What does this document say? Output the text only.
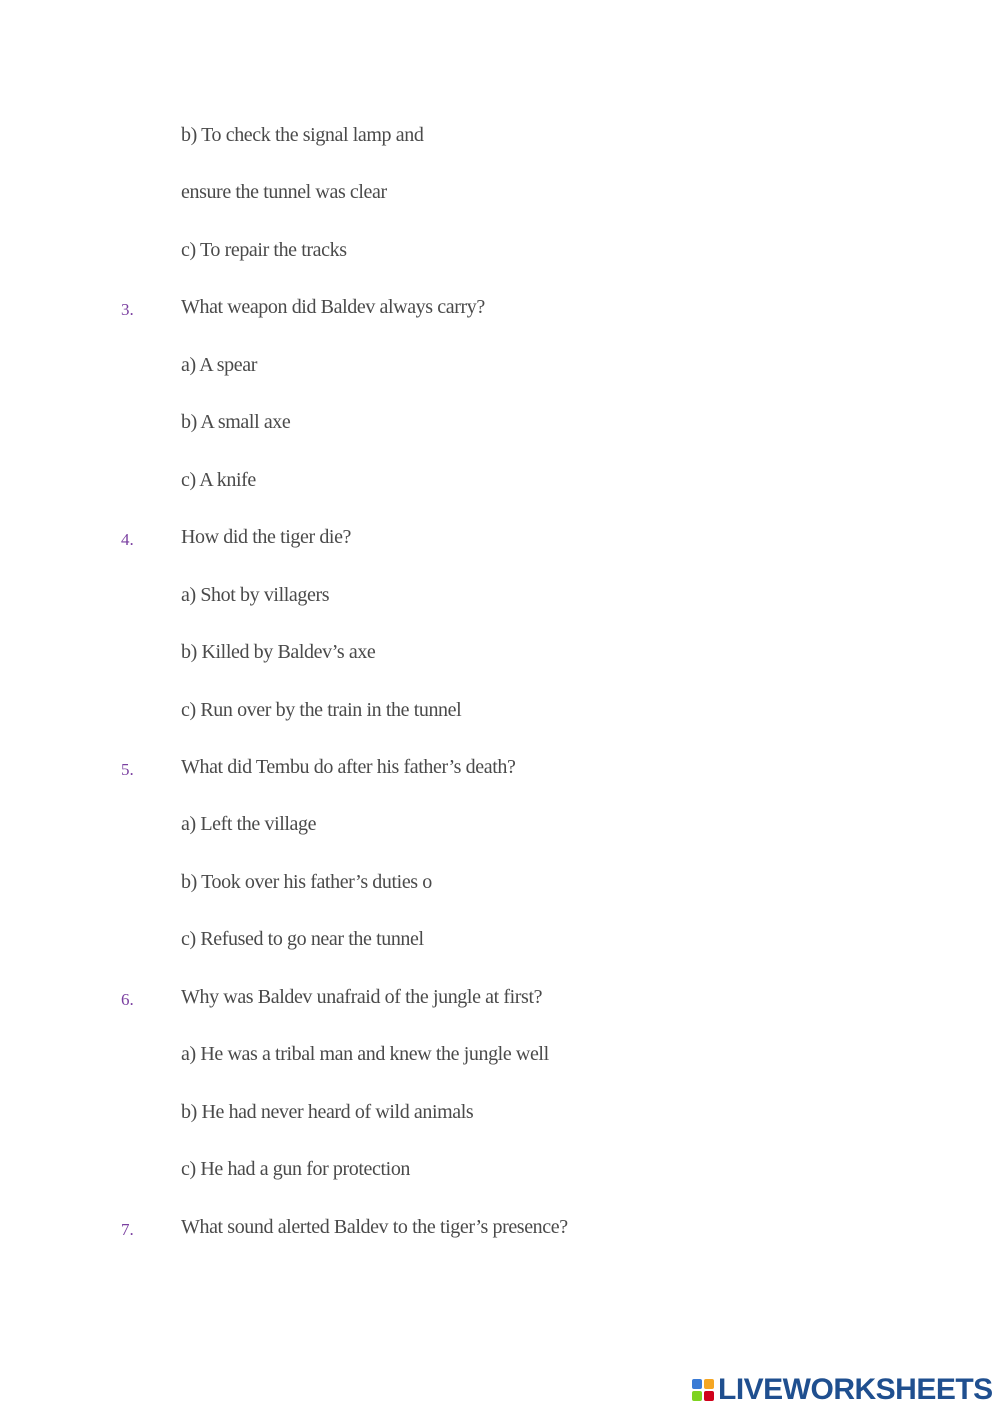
b) To check the signal lamp and
ensure the tunnel was clear
c) To repair the tracks
3. What weapon did Baldev always carry?
a) A spear
b) A small axe
c) A knife
4. How did the tiger die?
a) Shot by villagers
b) Killed by Baldev’s axe
c) Run over by the train in the tunnel
5. What did Tembu do after his father’s death?
a) Left the village
b) Took over his father’s duties o
c) Refused to go near the tunnel
6. Why was Baldev unafraid of the jungle at first?
a) He was a tribal man and knew the jungle well
b) He had never heard of wild animals
c) He had a gun for protection
7. What sound alerted Baldev to the tiger’s presence?
LIVEWORKSHEETS
